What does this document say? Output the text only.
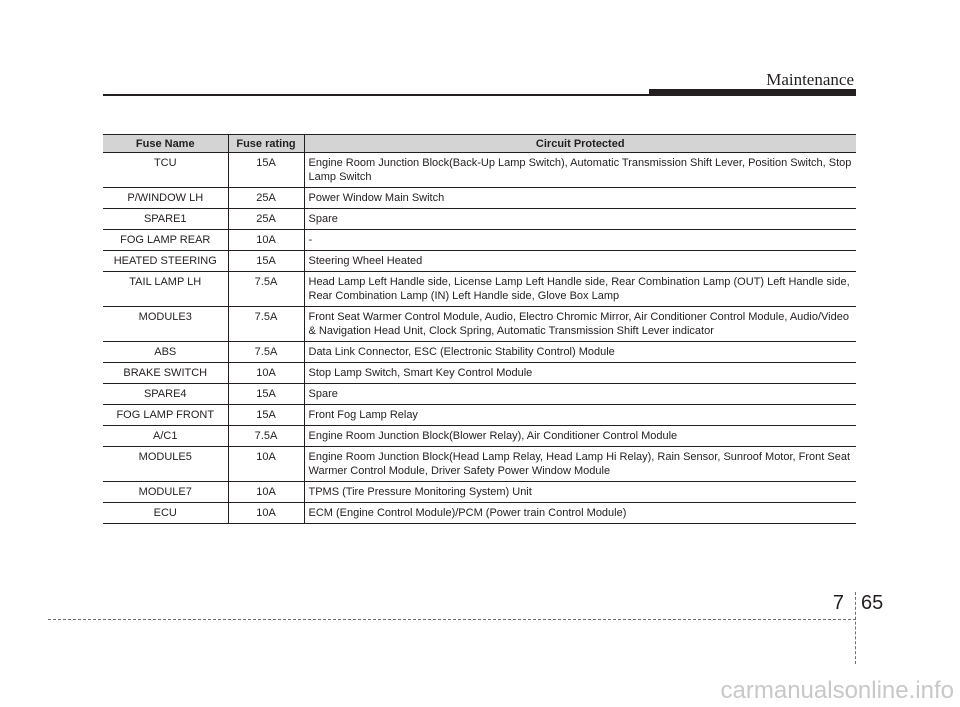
Maintenance
Fuse Name	Fuse rating	Circuit Protected
TCU	15A	Engine Room Junction Block(Back-Up Lamp Switch), Automatic Transmission Shift Lever, Position Switch, Stop Lamp Switch
P/WINDOW LH	25A	Power Window Main Switch
SPARE1	25A	Spare
FOG LAMP REAR	10A	-
HEATED STEERING	15A	Steering Wheel Heated
TAIL LAMP LH	7.5A	Head Lamp Left Handle side, License Lamp Left Handle side, Rear Combination Lamp (OUT) Left Handle side, Rear Combination Lamp (IN) Left Handle side, Glove Box Lamp
MODULE3	7.5A	Front Seat Warmer Control Module, Audio, Electro Chromic Mirror, Air Conditioner Control Module, Audio/Video & Navigation Head Unit, Clock Spring, Automatic Transmission Shift Lever indicator
ABS	7.5A	Data Link Connector, ESC (Electronic Stability Control) Module
BRAKE SWITCH	10A	Stop Lamp Switch, Smart Key Control Module
SPARE4	15A	Spare
FOG LAMP FRONT	15A	Front Fog Lamp Relay
A/C1	7.5A	Engine Room Junction Block(Blower Relay), Air Conditioner Control Module
MODULE5	10A	Engine Room Junction Block(Head Lamp Relay, Head Lamp Hi Relay), Rain Sensor, Sunroof Motor, Front Seat Warmer Control Module, Driver Safety Power Window Module
MODULE7	10A	TPMS (Tire Pressure Monitoring System) Unit
ECU	10A	ECM (Engine Control Module)/PCM (Power train Control Module)
7 65
carmanualsonline.info
